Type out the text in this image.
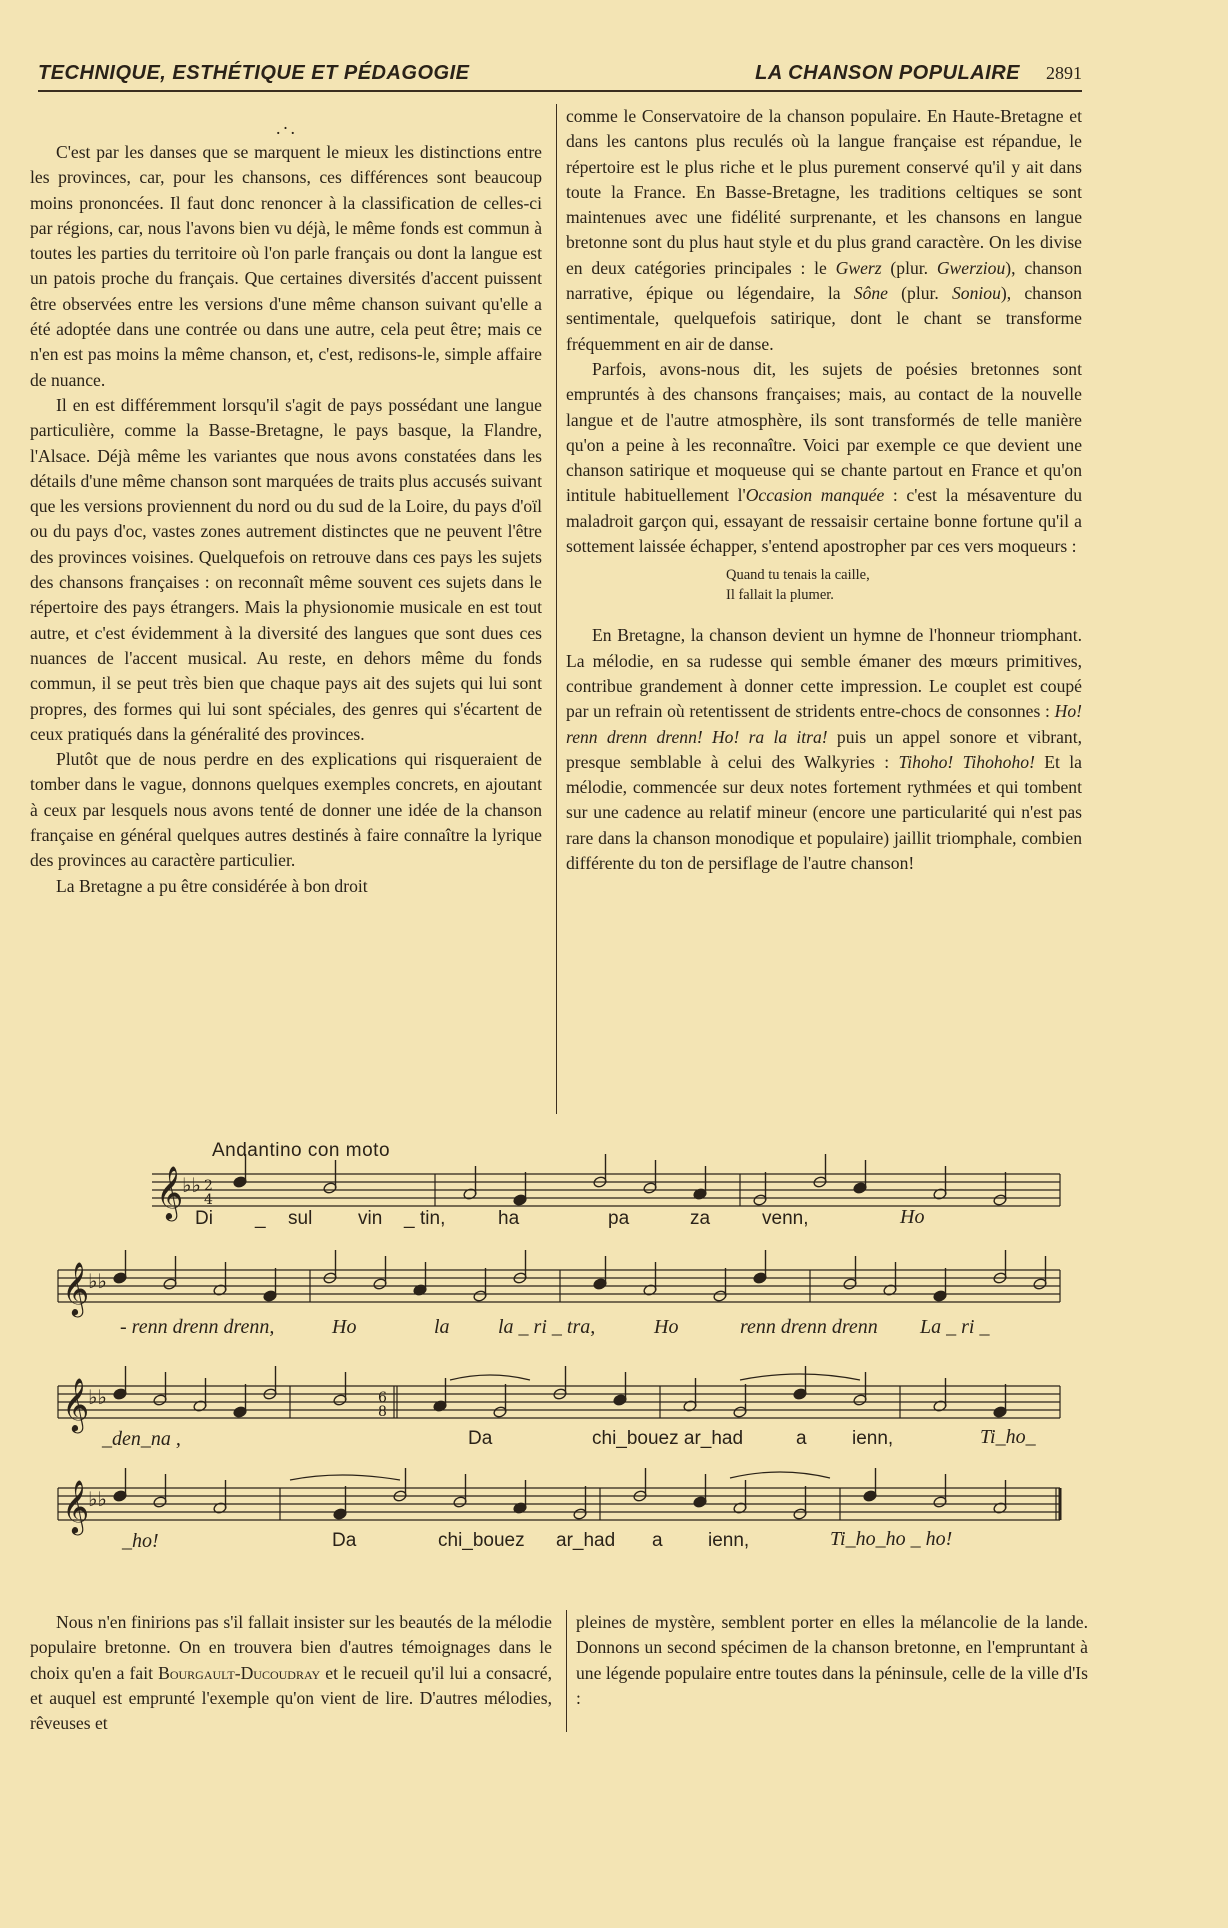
TECHNIQUE, ESTHÉTIQUE ET PÉDAGOGIE	LA CHANSON POPULAIRE 2891
.·.

C'est par les danses que se marquent le mieux les distinctions entre les provinces, car, pour les chansons, ces différences sont beaucoup moins prononcées. Il faut donc renoncer à la classification de celles-ci par régions, car, nous l'avons bien vu déjà, le même fonds est commun à toutes les parties du territoire où l'on parle français ou dont la langue est un patois proche du français. Que certaines diversités d'accent puissent être observées entre les versions d'une même chanson suivant qu'elle a été adoptée dans une contrée ou dans une autre, cela peut être; mais ce n'en est pas moins la même chanson, et, c'est, redisons-le, simple affaire de nuance.

Il en est différemment lorsqu'il s'agit de pays possédant une langue particulière, comme la Basse-Bretagne, le pays basque, la Flandre, l'Alsace. Déjà même les variantes que nous avons constatées dans les détails d'une même chanson sont marquées de traits plus accusés suivant que les versions proviennent du nord ou du sud de la Loire, du pays d'oïl ou du pays d'oc, vastes zones autrement distinctes que ne peuvent l'être des provinces voisines. Quelquefois on retrouve dans ces pays les sujets des chansons françaises : on reconnaît même souvent ces sujets dans le répertoire des pays étrangers. Mais la physionomie musicale en est tout autre, et c'est évidemment à la diversité des langues que sont dues ces nuances de l'accent musical. Au reste, en dehors même du fonds commun, il se peut très bien que chaque pays ait des sujets qui lui sont propres, des formes qui lui sont spéciales, des genres qui s'écartent de ceux pratiqués dans la généralité des provinces.

Plutôt que de nous perdre en des explications qui risqueraient de tomber dans le vague, donnons quelques exemples concrets, en ajoutant à ceux par lesquels nous avons tenté de donner une idée de la chanson française en général quelques autres destinés à faire connaître la lyrique des provinces au caractère particulier.

La Bretagne a pu être considérée à bon droit

comme le Conservatoire de la chanson populaire. En Haute-Bretagne et dans les cantons plus reculés où la langue française est répandue, le répertoire est le plus riche et le plus purement conservé qu'il y ait dans toute la France. En Basse-Bretagne, les traditions celtiques se sont maintenues avec une fidélité surprenante, et les chansons en langue bretonne sont du plus haut style et du plus grand caractère. On les divise en deux catégories principales : le Gwerz (plur. Gwerziou), chanson narrative, épique ou légendaire, la Sône (plur. Soniou), chanson sentimentale, quelquefois satirique, dont le chant se transforme fréquemment en air de danse.

Parfois, avons-nous dit, les sujets de poésies bretonnes sont empruntés à des chansons françaises; mais, au contact de la nouvelle langue et de l'autre atmosphère, ils sont transformés de telle manière qu'on a peine à les reconnaître. Voici par exemple ce que devient une chanson satirique et moqueuse qui se chante partout en France et qu'on intitule habituellement l'Occasion manquée : c'est la mésaventure du maladroit garçon qui, essayant de ressaisir certaine bonne fortune qu'il a sottement laissée échapper, s'entend apostropher par ces vers moqueurs :

Quand tu tenais la caille,
Il fallait la plumer.

En Bretagne, la chanson devient un hymne de l'honneur triomphant. La mélodie, en sa rudesse qui semble émaner des mœurs primitives, contribue grandement à donner cette impression. Le couplet est coupé par un refrain où retentissent de stridents entre-chocs de consonnes : Ho! renn drenn drenn! Ho! ra la itra! puis un appel sonore et vibrant, presque semblable à celui des Walkyries : Tihoho! Tihohoho! Et la mélodie, commencée sur deux notes fortement rythmées et qui tombent sur une cadence au relatif mineur (encore une particularité qui n'est pas rare dans la chanson monodique et populaire) jaillit triomphale, combien différente du ton de persiflage de l'autre chanson!

Andantino con moto
𝄞
𝄞
𝄞
𝄞
♭♭
♭♭
♭♭
♭♭
2
4
6
8
Di _ sul vin _ tin,	ha	pa	za	venn,	Ho
- renn drenn drenn,	Ho	la la _ ri _ tra,	Ho	renn drenn drenn La _ ri _
_den_na ,	Da	chi_bouez ar_had	a ienn,	Ti_ho_
_ho!	Da	chi_bouez ar_had a ienn,	Ti_ho_ho _ ho!

Nous n'en finirions pas s'il fallait insister sur les beautés de la mélodie populaire bretonne. On en trouvera bien d'autres témoignages dans le choix qu'en a fait Bourgault-Ducoudray et le recueil qu'il lui a consacré, et auquel est emprunté l'exemple qu'on vient de lire. D'autres mélodies, rêveuses et

pleines de mystère, semblent porter en elles la mélancolie de la lande. Donnons un second spécimen de la chanson bretonne, en l'empruntant à une légende populaire entre toutes dans la péninsule, celle de la ville d'Is :
